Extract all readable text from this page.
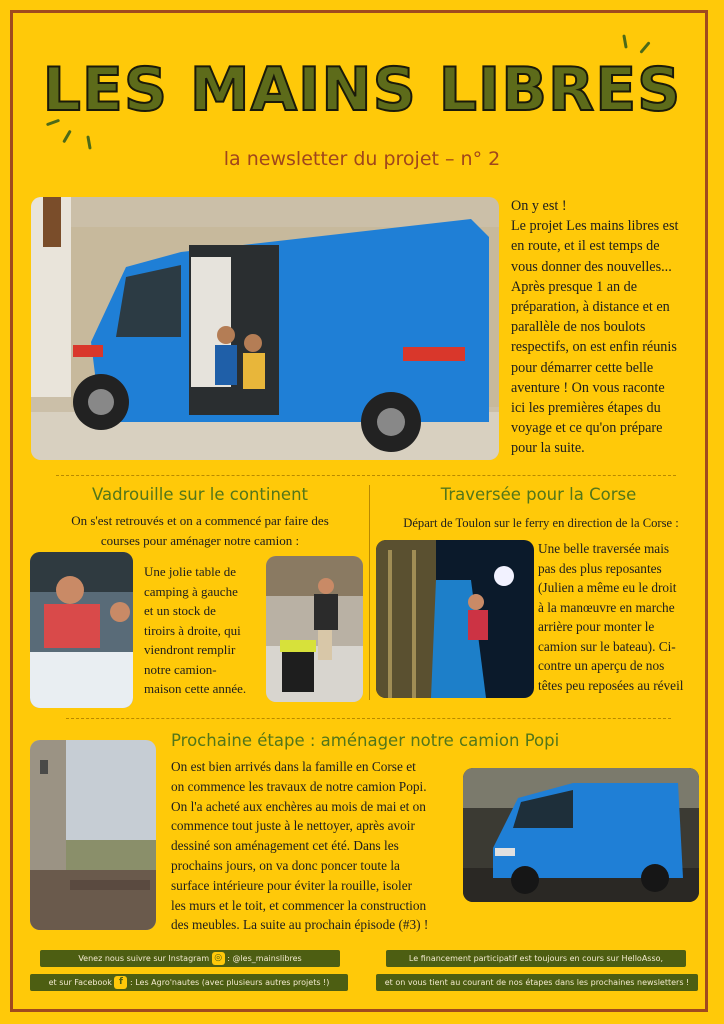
LES MAINS LIBRES
la newsletter du projet – n° 2
On y est !
Le projet Les mains libres est
en route, et il est temps de
vous donner des nouvelles...
Après presque 1 an de
préparation, à distance et en
parallèle de nos boulots
respectifs, on est enfin réunis
pour démarrer cette belle
aventure ! On vous raconte
ici les premières étapes du
voyage et ce qu'on prépare
pour la suite.
Vadrouille sur le continent
On s'est retrouvés et on a commencé par faire des
courses pour aménager notre camion :
Une jolie table de
camping à gauche
et un stock de
tiroirs à droite, qui
viendront remplir
notre camion-
maison cette année.
Traversée pour la Corse
Départ de Toulon sur le ferry en direction de la Corse :
Une belle traversée mais
pas des plus reposantes
(Julien a même eu le droit
à la manœuvre en marche
arrière pour monter le
camion sur le bateau). Ci-
contre un aperçu de nos
têtes peu reposées au réveil
Prochaine étape : aménager notre camion Popi
On est bien arrivés dans la famille en Corse et
on commence les travaux de notre camion Popi.
On l'a acheté aux enchères au mois de mai et on
commence tout juste à le nettoyer, après avoir
dessiné son aménagement cet été. Dans les
prochains jours, on va donc poncer toute la
surface intérieure pour éviter la rouille, isoler
les murs et le toit, et commencer la construction
des meubles. La suite au prochain épisode (#3) !
Venez nous suivre sur Instagram ◎ : @les_mainslibres
et sur Facebook f : Les Agro'nautes (avec plusieurs autres projets !)
Le financement participatif est toujours en cours sur HelloAsso,
et on vous tient au courant de nos étapes dans les prochaines newsletters !
